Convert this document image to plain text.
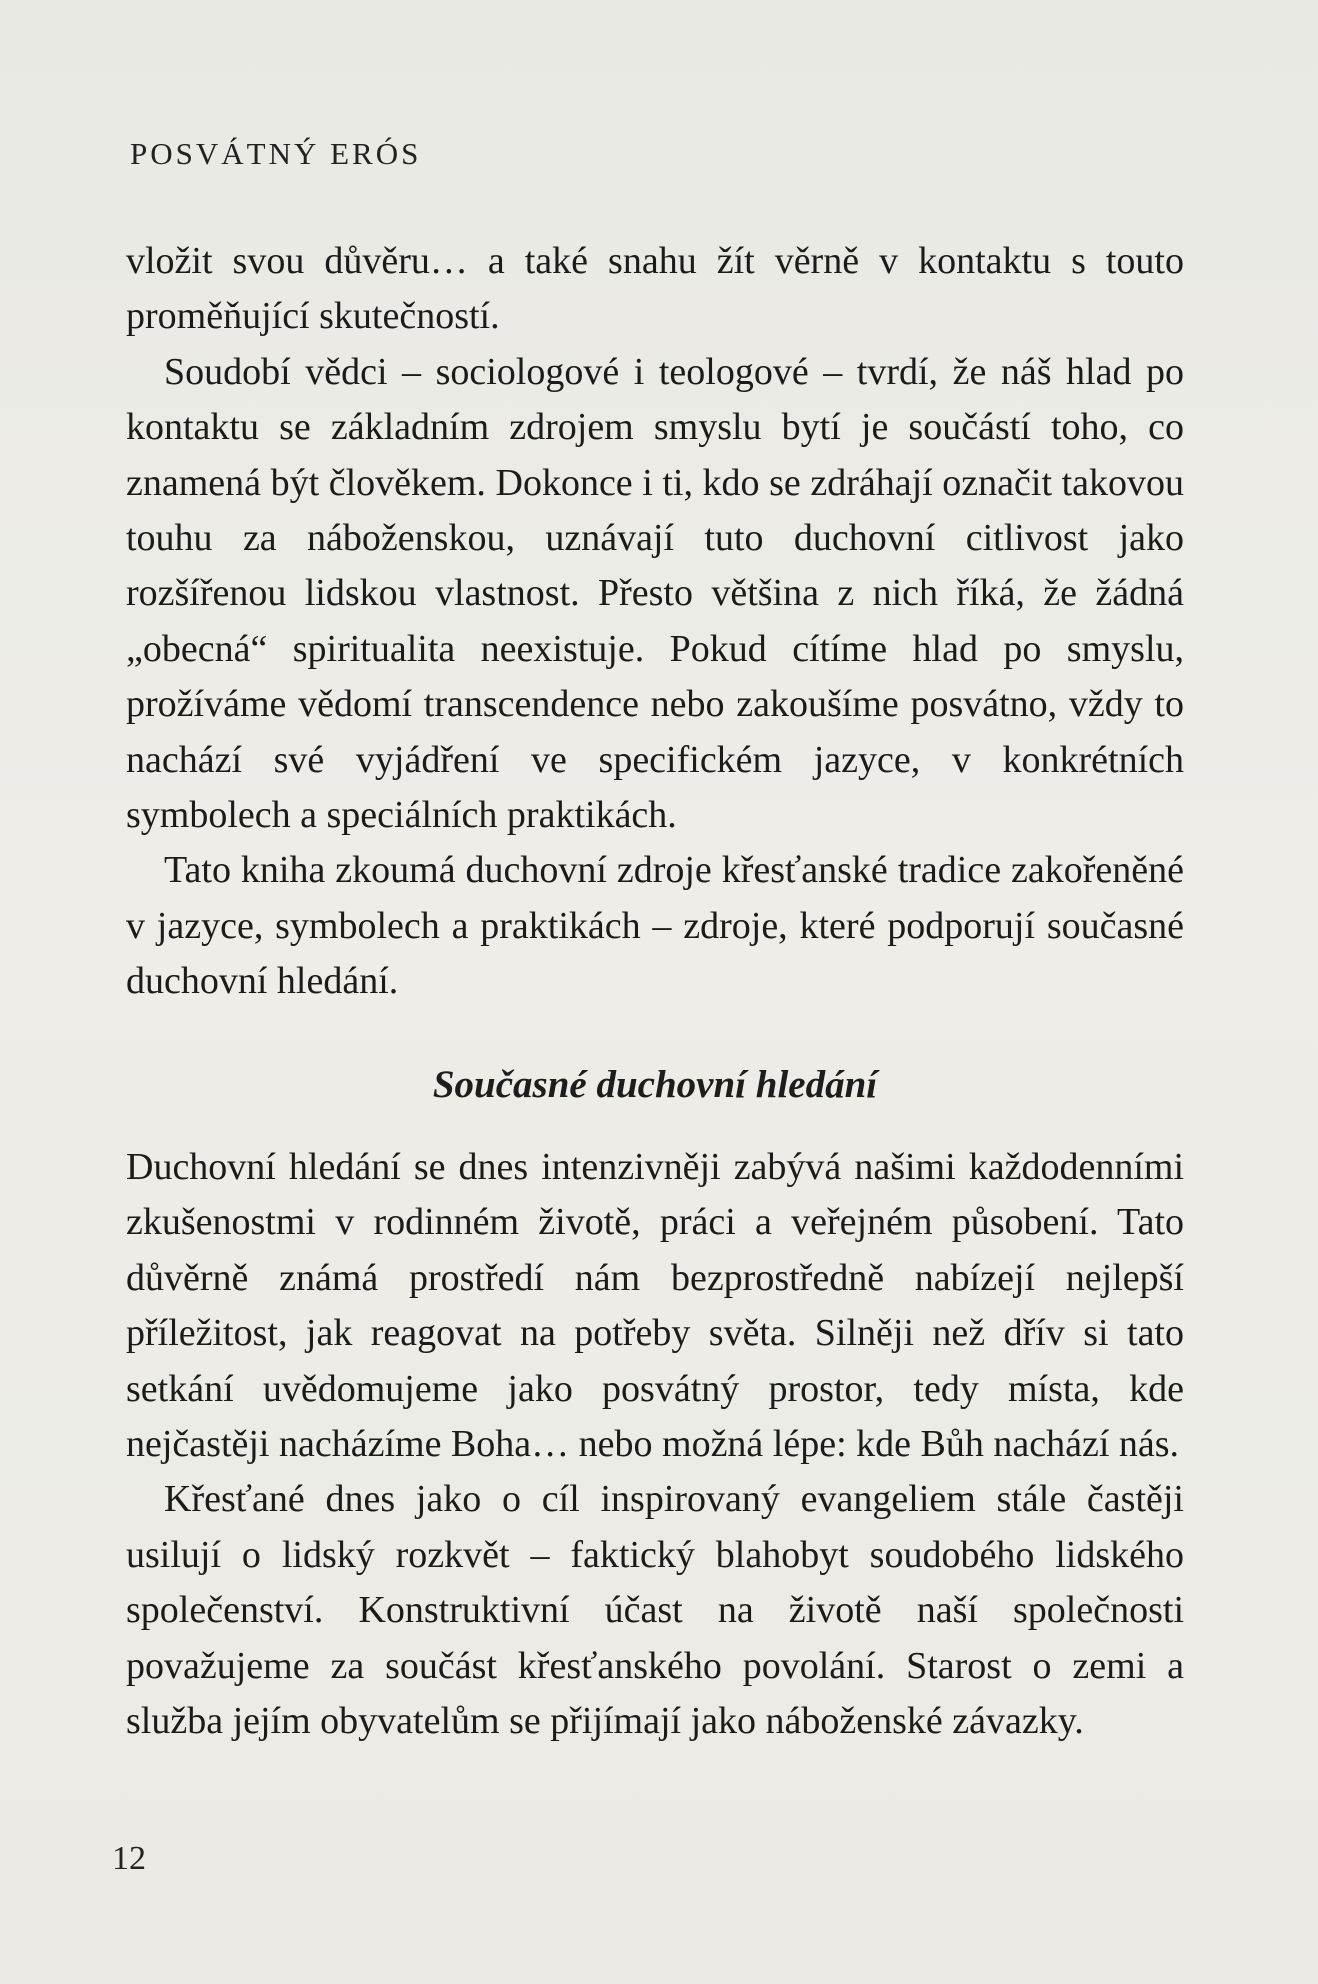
POSVÁTNÝ ERÓS

vložit svou důvěru… a také snahu žít věrně v kontaktu s touto proměňující skutečností.

Soudobí vědci – sociologové i teologové – tvrdí, že náš hlad po kontaktu se základním zdrojem smyslu bytí je součástí toho, co znamená být člověkem. Dokonce i ti, kdo se zdráhají označit takovou touhu za náboženskou, uznávají tuto duchovní citlivost jako rozšířenou lidskou vlastnost. Přesto většina z nich říká, že žádná „obecná“ spiritualita neexistuje. Pokud cítíme hlad po smyslu, prožíváme vědomí transcendence nebo zakoušíme posvátno, vždy to nachází své vyjádření ve specifickém jazyce, v konkrétních symbolech a speciálních praktikách.

Tato kniha zkoumá duchovní zdroje křesťanské tradice zakořeněné v jazyce, symbolech a praktikách – zdroje, které podporují současné duchovní hledání.

Současné duchovní hledání

Duchovní hledání se dnes intenzivněji zabývá našimi každodenními zkušenostmi v rodinném životě, práci a veřejném působení. Tato důvěrně známá prostředí nám bezprostředně nabízejí nejlepší příležitost, jak reagovat na potřeby světa. Silněji než dřív si tato setkání uvědomujeme jako posvátný prostor, tedy místa, kde nejčastěji nacházíme Boha… nebo možná lépe: kde Bůh nachází nás.

Křesťané dnes jako o cíl inspirovaný evangeliem stále častěji usilují o lidský rozkvět – faktický blahobyt soudobého lidského společenství. Konstruktivní účast na životě naší společnosti považujeme za součást křesťanského povolání. Starost o zemi a služba jejím obyvatelům se přijímají jako náboženské závazky.

12
